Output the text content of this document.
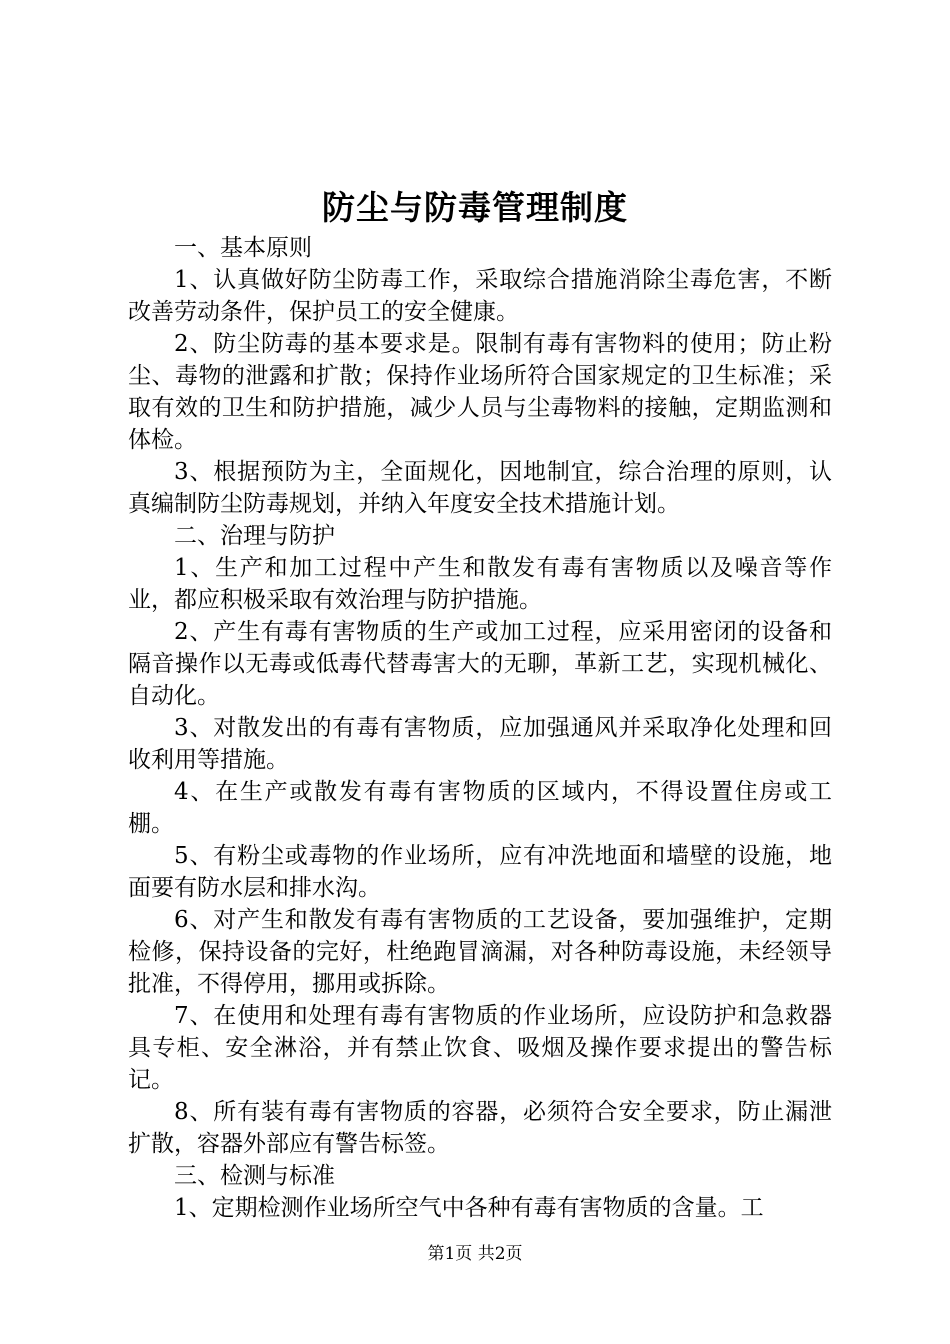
防尘与防毒管理制度

一、基本原则

1、认真做好防尘防毒工作，采取综合措施消除尘毒危害，不断改善劳动条件，保护员工的安全健康。

2、防尘防毒的基本要求是。限制有毒有害物料的使用；防止粉尘、毒物的泄露和扩散；保持作业场所符合国家规定的卫生标准；采取有效的卫生和防护措施，减少人员与尘毒物料的接触，定期监测和体检。

3、根据预防为主，全面规化，因地制宜，综合治理的原则，认真编制防尘防毒规划，并纳入年度安全技术措施计划。

二、治理与防护

1、生产和加工过程中产生和散发有毒有害物质以及噪音等作业，都应积极采取有效治理与防护措施。

2、产生有毒有害物质的生产或加工过程，应采用密闭的设备和隔音操作以无毒或低毒代替毒害大的无聊，革新工艺，实现机械化、自动化。

3、对散发出的有毒有害物质，应加强通风并采取净化处理和回收利用等措施。

4、在生产或散发有毒有害物质的区域内，不得设置住房或工棚。

5、有粉尘或毒物的作业场所，应有冲洗地面和墙壁的设施，地面要有防水层和排水沟。

6、对产生和散发有毒有害物质的工艺设备，要加强维护，定期检修，保持设备的完好，杜绝跑冒滴漏，对各种防毒设施，未经领导批准，不得停用，挪用或拆除。

7、在使用和处理有毒有害物质的作业场所，应设防护和急救器具专柜、安全淋浴，并有禁止饮食、吸烟及操作要求提出的警告标记。

8、所有装有毒有害物质的容器，必须符合安全要求，防止漏泄扩散，容器外部应有警告标签。

三、检测与标准

1、定期检测作业场所空气中各种有毒有害物质的含量。工

第1页 共2页
